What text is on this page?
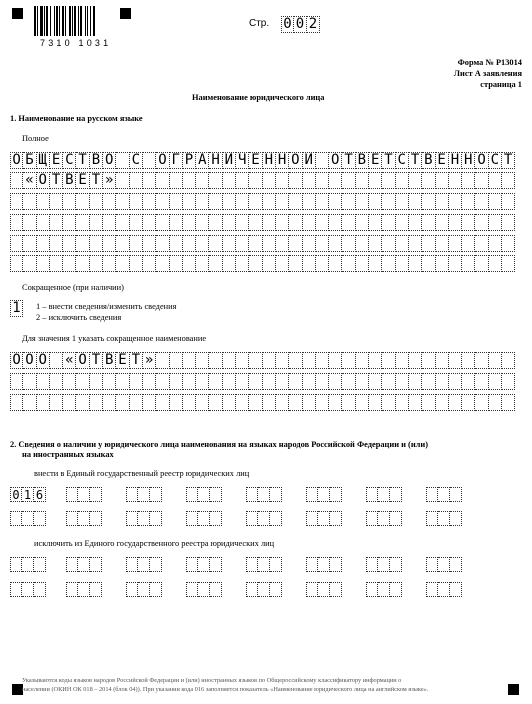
7310 1031
Стр. 0 0 2
Форма № Р13014
Лист А заявления
страница 1
Наименование юридического лица
1. Наименование на русском языке
Полное
О Б Щ Е С Т В О С О Г Р А Н И Ч Е Н Н О Й О Т В Е Т С Т В Е Н Н О С Т
« О Т В Е Т »
Сокращенное (при наличии)
1 1 – внести сведения/изменить сведения
2 – исключить сведения
Для значения 1 указать сокращенное наименование
О О О « О Т В Е Т »
2. Сведения о наличии у юридического лица наименования на языках народов Российской Федерации и (или)
на иностранных языках
внести в Единый государственный реестр юридических лиц
0 1 6
исключить из Единого государственного реестра юридических лиц
Указываются коды языков народов Российской Федерации и (или) иностранных языков по Общероссийскому классификатору информации о
населении (ОКИН ОК 018 – 2014 (блок 04)). При указании кода 016 заполняется показатель «Наименование юридического лица на английском языке».
